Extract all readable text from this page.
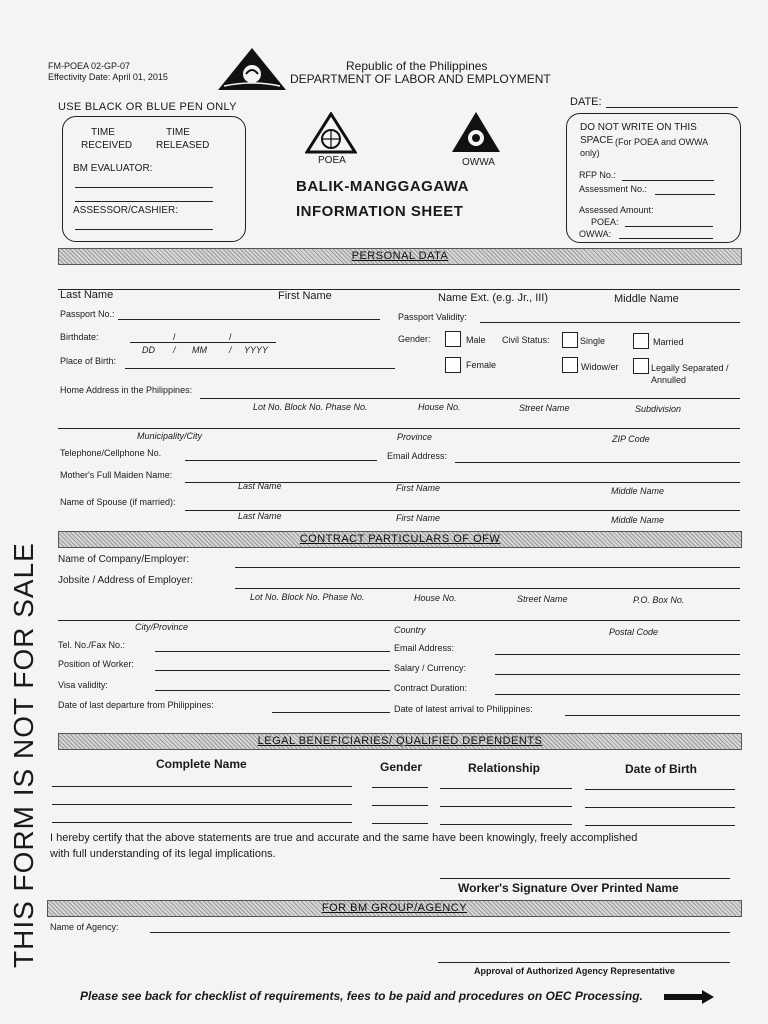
THIS FORM IS NOT FOR SALE
FM-POEA 02-GP-07
Effectivity Date: April 01, 2015
Republic of the Philippines
DEPARTMENT OF LABOR AND EMPLOYMENT
USE BLACK OR BLUE PEN ONLY	DATE:
TIME
RECEIVED
TIME
RELEASED
BM EVALUATOR:
ASSESSOR/CASHIER:
POEA	OWWA
BALIK-MANGGAGAWA
INFORMATION SHEET
DO NOT WRITE ON THIS
SPACE (For POEA and OWWA
only)
RFP No.:
Assessment No.:
Assessed Amount:
POEA:
OWWA:
PERSONAL DATA
Last Name	First Name	Name Ext. (e.g. Jr., III)	Middle Name
Passport No.:	Passport Validity:
Birthdate:	/	/
DD / MM / YYYY
Place of Birth:
Gender:	Male
Female
Civil Status:	Single	Married
Widow/er	Legally Separated /
Annulled
Home Address in the Philippines:
Lot No. Block No. Phase No.	House No.	Street Name	Subdivision
Municipality/City	Province	ZIP Code
Telephone/Cellphone No.	Email Address:
Mother's Full Maiden Name:
Last Name	First Name	Middle Name
Name of Spouse (if married):
Last Name	First Name	Middle Name
CONTRACT PARTICULARS OF OFW
Name of Company/Employer:
Jobsite / Address of Employer:
Lot No. Block No. Phase No.	House No.	Street Name	P.O. Box No.
City/Province	Country	Postal Code
Tel. No./Fax No.:	Email Address:
Position of Worker:	Salary / Currency:
Visa validity:	Contract Duration:
Date of last departure from Philippines:	Date of latest arrival to Philippines:
LEGAL BENEFICIARIES/ QUALIFIED DEPENDENTS
Complete Name	Gender	Relationship	Date of Birth
I hereby certify that the above statements are true and accurate and the same have been knowingly, freely accomplished
with full understanding of its legal implications.
Worker's Signature Over Printed Name
FOR BM GROUP/AGENCY
Name of Agency:
Approval of Authorized Agency Representative
Please see back for checklist of requirements, fees to be paid and procedures on OEC Processing.
